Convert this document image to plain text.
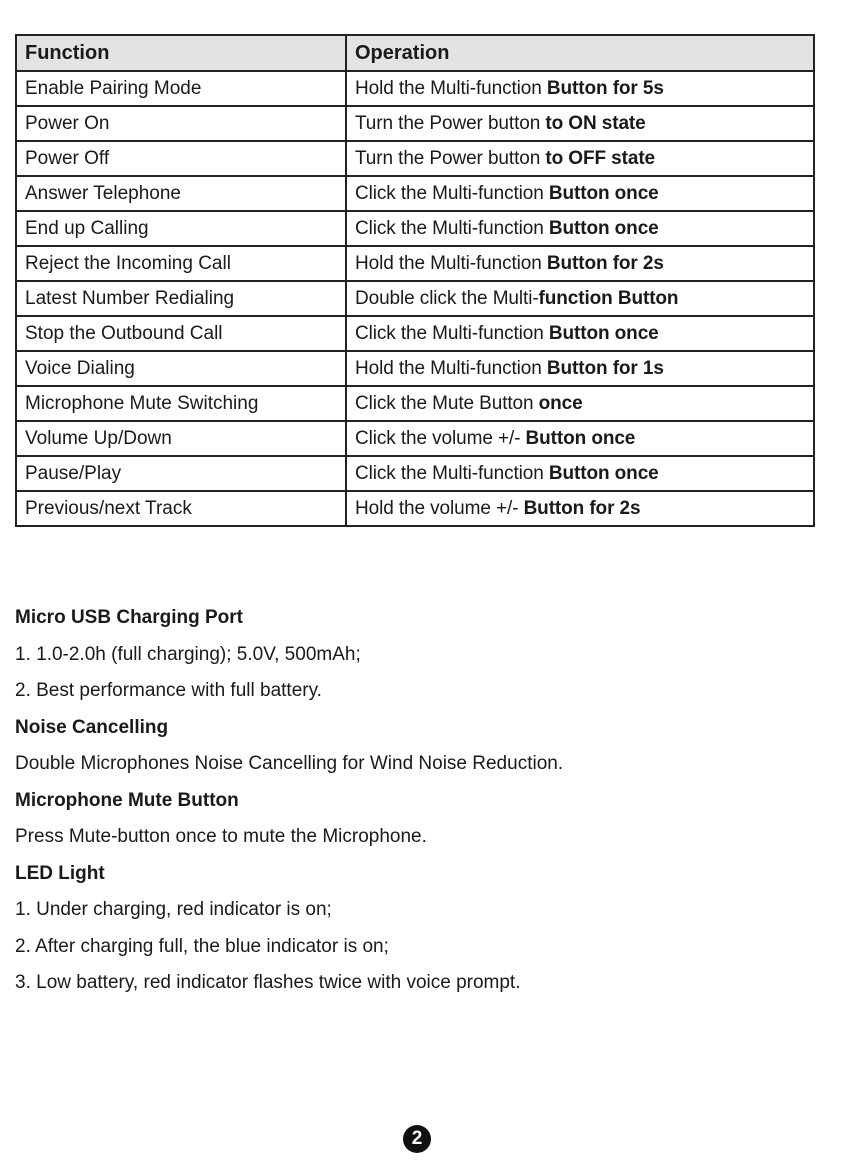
Function	Operation
Enable Pairing Mode	Hold the Multi-function Button for 5s
Power On	Turn the Power button to ON state
Power Off	Turn the Power button to OFF state
Answer Telephone	Click the Multi-function Button once
End up Calling	Click the Multi-function Button once
Reject the Incoming Call	Hold the Multi-function Button for 2s
Latest Number Redialing	Double click the Multi-function Button
Stop the Outbound Call	Click the Multi-function Button once
Voice Dialing	Hold the Multi-function Button for 1s
Microphone Mute Switching	Click the Mute Button once
Volume Up/Down	Click the volume +/- Button once
Pause/Play	Click the Multi-function Button once
Previous/next Track	Hold the volume +/- Button for 2s
Micro USB Charging Port
1. 1.0-2.0h (full charging); 5.0V, 500mAh;
2. Best performance with full battery.
Noise Cancelling
Double Microphones Noise Cancelling for Wind Noise Reduction.
Microphone Mute Button
Press Mute-button once to mute the Microphone.
LED Light
1. Under charging, red indicator is on;
2. After charging full, the blue indicator is on;
3. Low battery, red indicator flashes twice with voice prompt.
2
